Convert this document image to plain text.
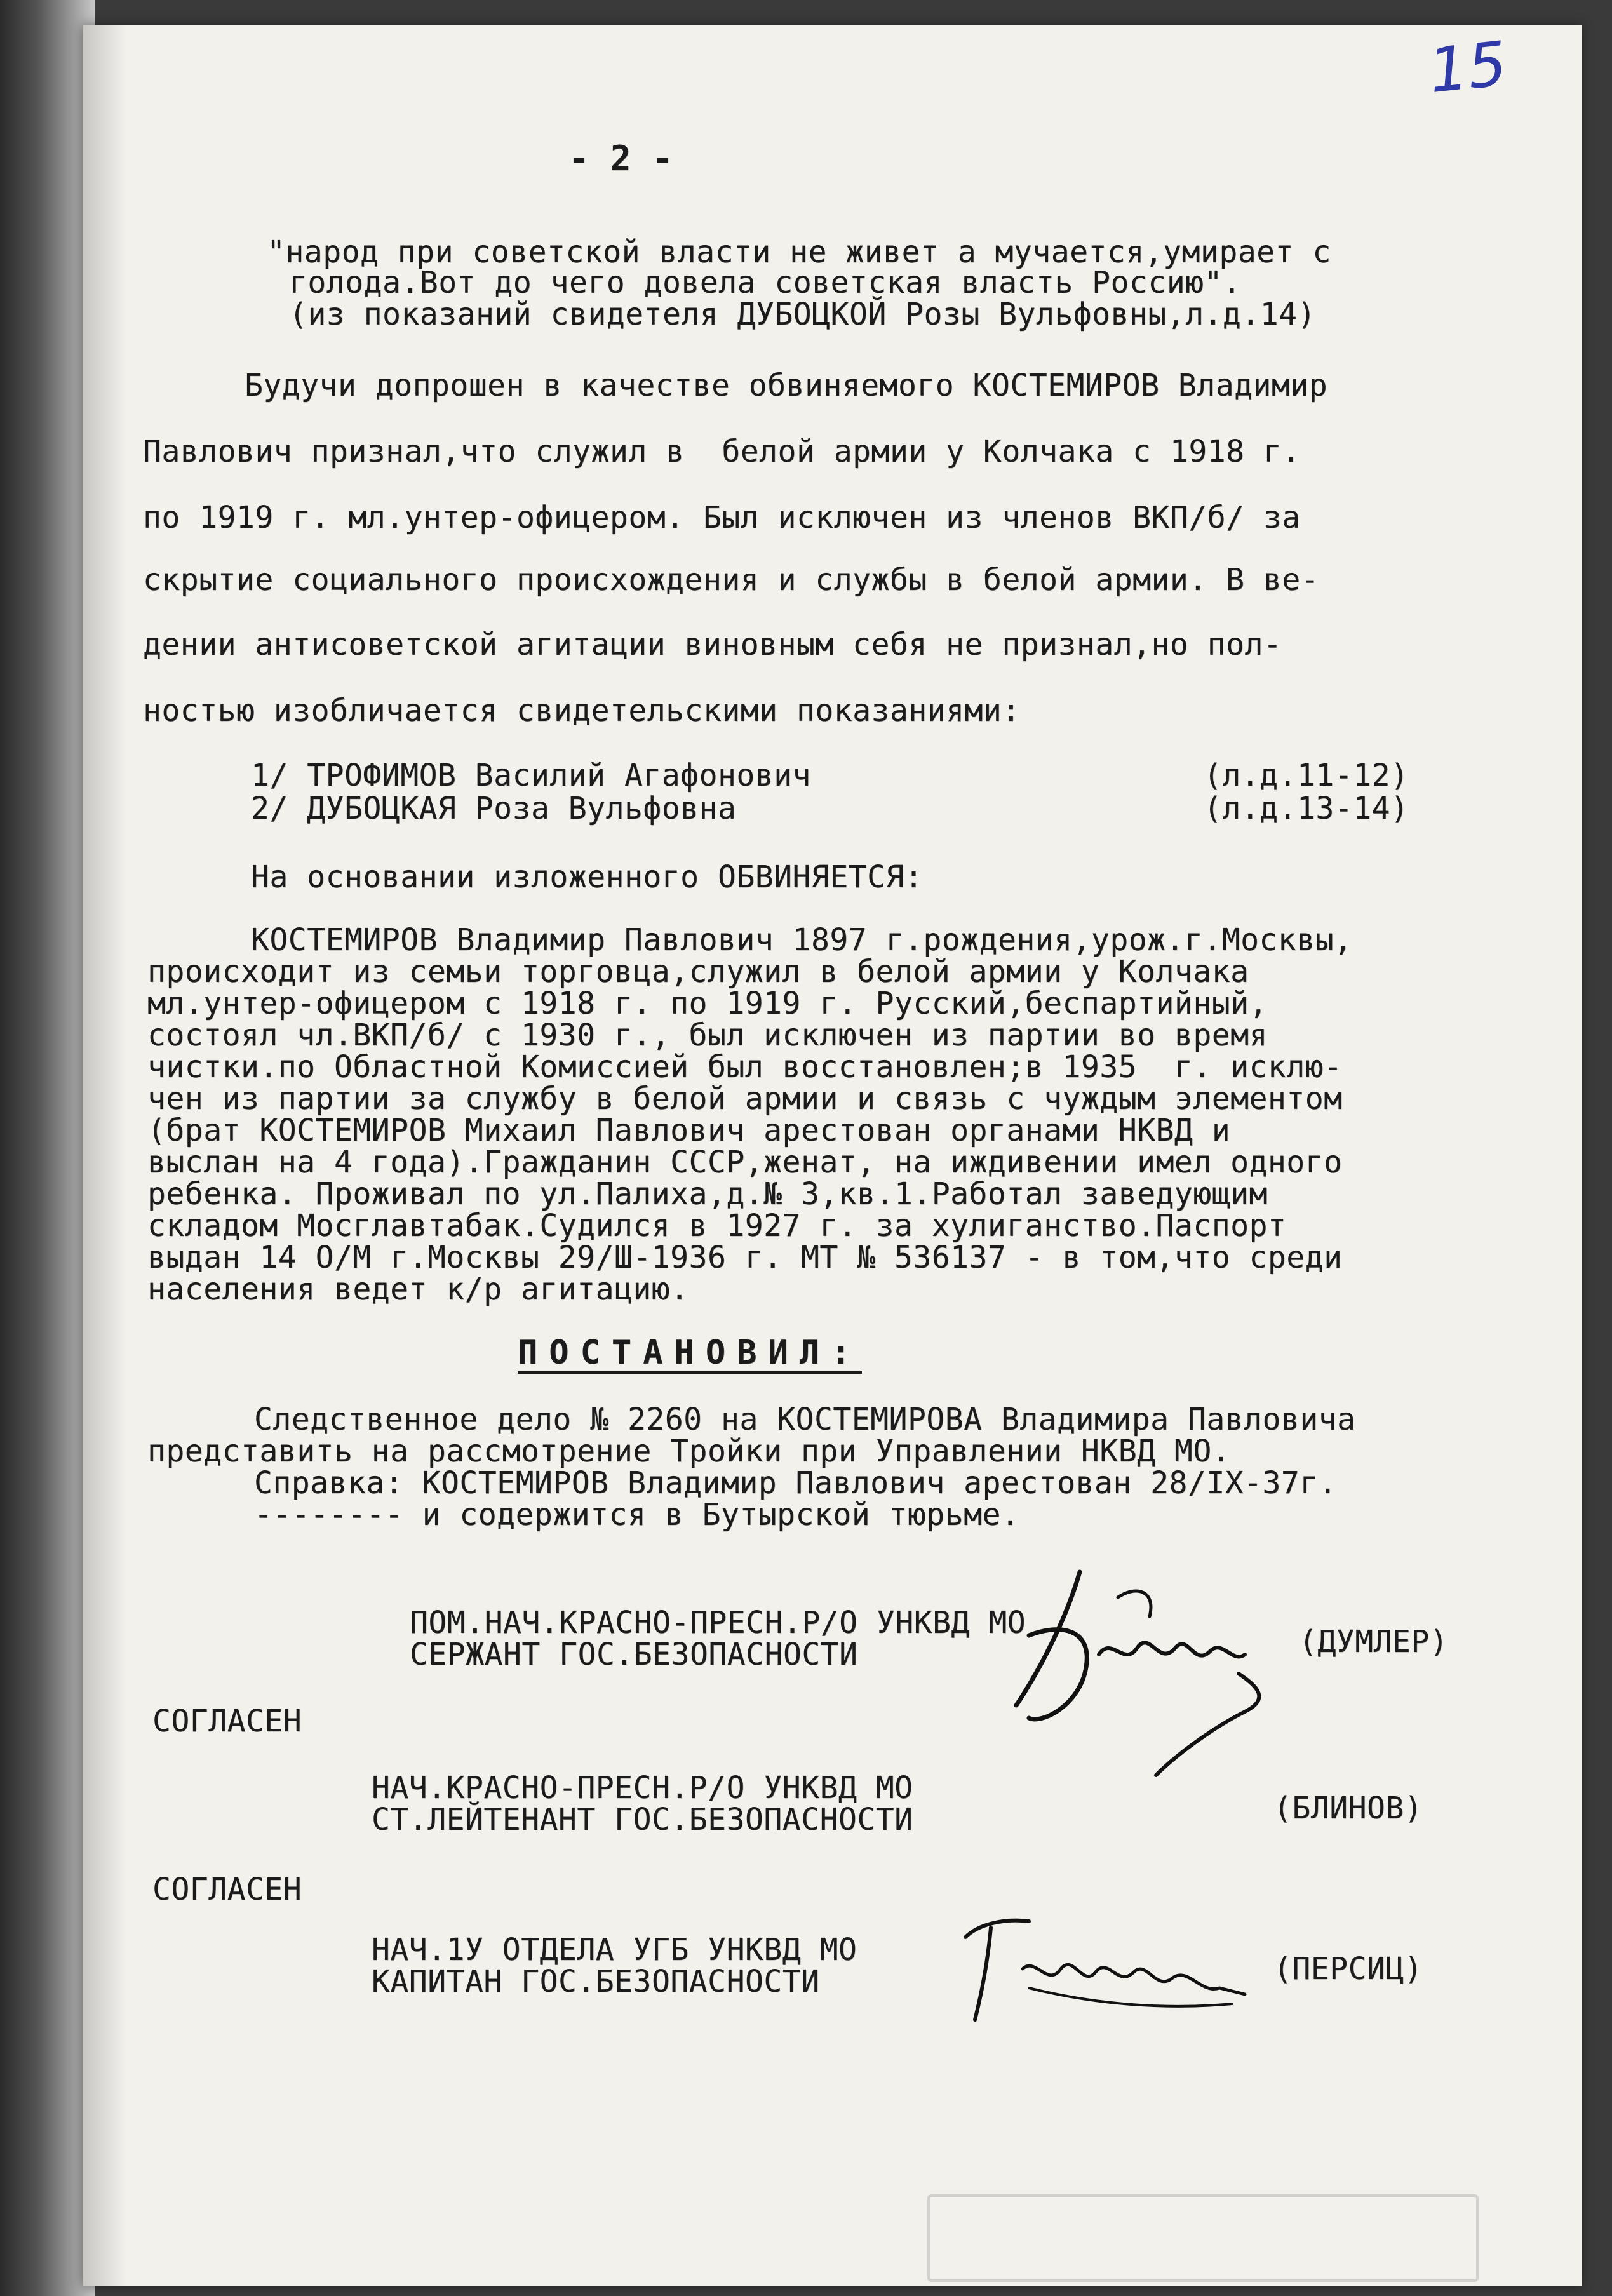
15
- 2 -
"народ при советской власти не живет а мучается,умирает с
голода.Вот до чего довела советская власть Россию".
(из показаний свидетеля ДУБОЦКОЙ Розы Вульфовны,л.д.14)
Будучи допрошен в качестве обвиняемого КОСТЕМИРОВ Владимир
Павлович признал,что служил в  белой армии у Колчака с 1918 г.
по 1919 г. мл.унтер-офицером. Был исключен из членов ВКП/б/ за
скрытие социального происхождения и службы в белой армии. В ве-
дении антисоветской агитации виновным себя не признал,но пол-
ностью изобличается свидетельскими показаниями:
1/ ТРОФИМОВ Василий Агафонович	(л.д.11-12)
2/ ДУБОЦКАЯ Роза Вульфовна	(л.д.13-14)
На основании изложенного ОБВИНЯЕТСЯ:
КОСТЕМИРОВ Владимир Павлович 1897 г.рождения,урож.г.Москвы,
происходит из семьи торговца,служил в белой армии у Колчака
мл.унтер-офицером с 1918 г. по 1919 г. Русский,беспартийный,
состоял чл.ВКП/б/ с 1930 г., был исключен из партии во время
чистки.по Областной Комиссией был восстановлен;в 1935  г. исклю-
чен из партии за службу в белой армии и связь с чуждым элементом
(брат КОСТЕМИРОВ Михаил Павлович арестован органами НКВД и
выслан на 4 года).Гражданин СССР,женат, на иждивении имел одного
ребенка. Проживал по ул.Палиха,д.№ 3,кв.1.Работал заведующим
складом Мосглавтабак.Судился в 1927 г. за хулиганство.Паспорт
выдан 14 О/М г.Москвы 29/Ш-1936 г. МТ № 536137 - в том,что среди
населения ведет к/р агитацию.
ПОСТАНОВИЛ:
Следственное дело № 2260 на КОСТЕМИРОВА Владимира Павловича
представить на рассмотрение Тройки при Управлении НКВД МО.
Справка: КОСТЕМИРОВ Владимир Павлович арестован 28/IX-37г.
-------- и содержится в Бутырской тюрьме.
ПОМ.НАЧ.КРАСНО-ПРЕСН.Р/О УНКВД МО
СЕРЖАНТ ГОС.БЕЗОПАСНОСТИ	(ДУМЛЕР)
СОГЛАСЕН
НАЧ.КРАСНО-ПРЕСН.Р/О УНКВД МО
СТ.ЛЕЙТЕНАНТ ГОС.БЕЗОПАСНОСТИ	(БЛИНОВ)
СОГЛАСЕН
НАЧ.1У ОТДЕЛА УГБ УНКВД МО
КАПИТАН ГОС.БЕЗОПАСНОСТИ	(ПЕРСИЦ)
